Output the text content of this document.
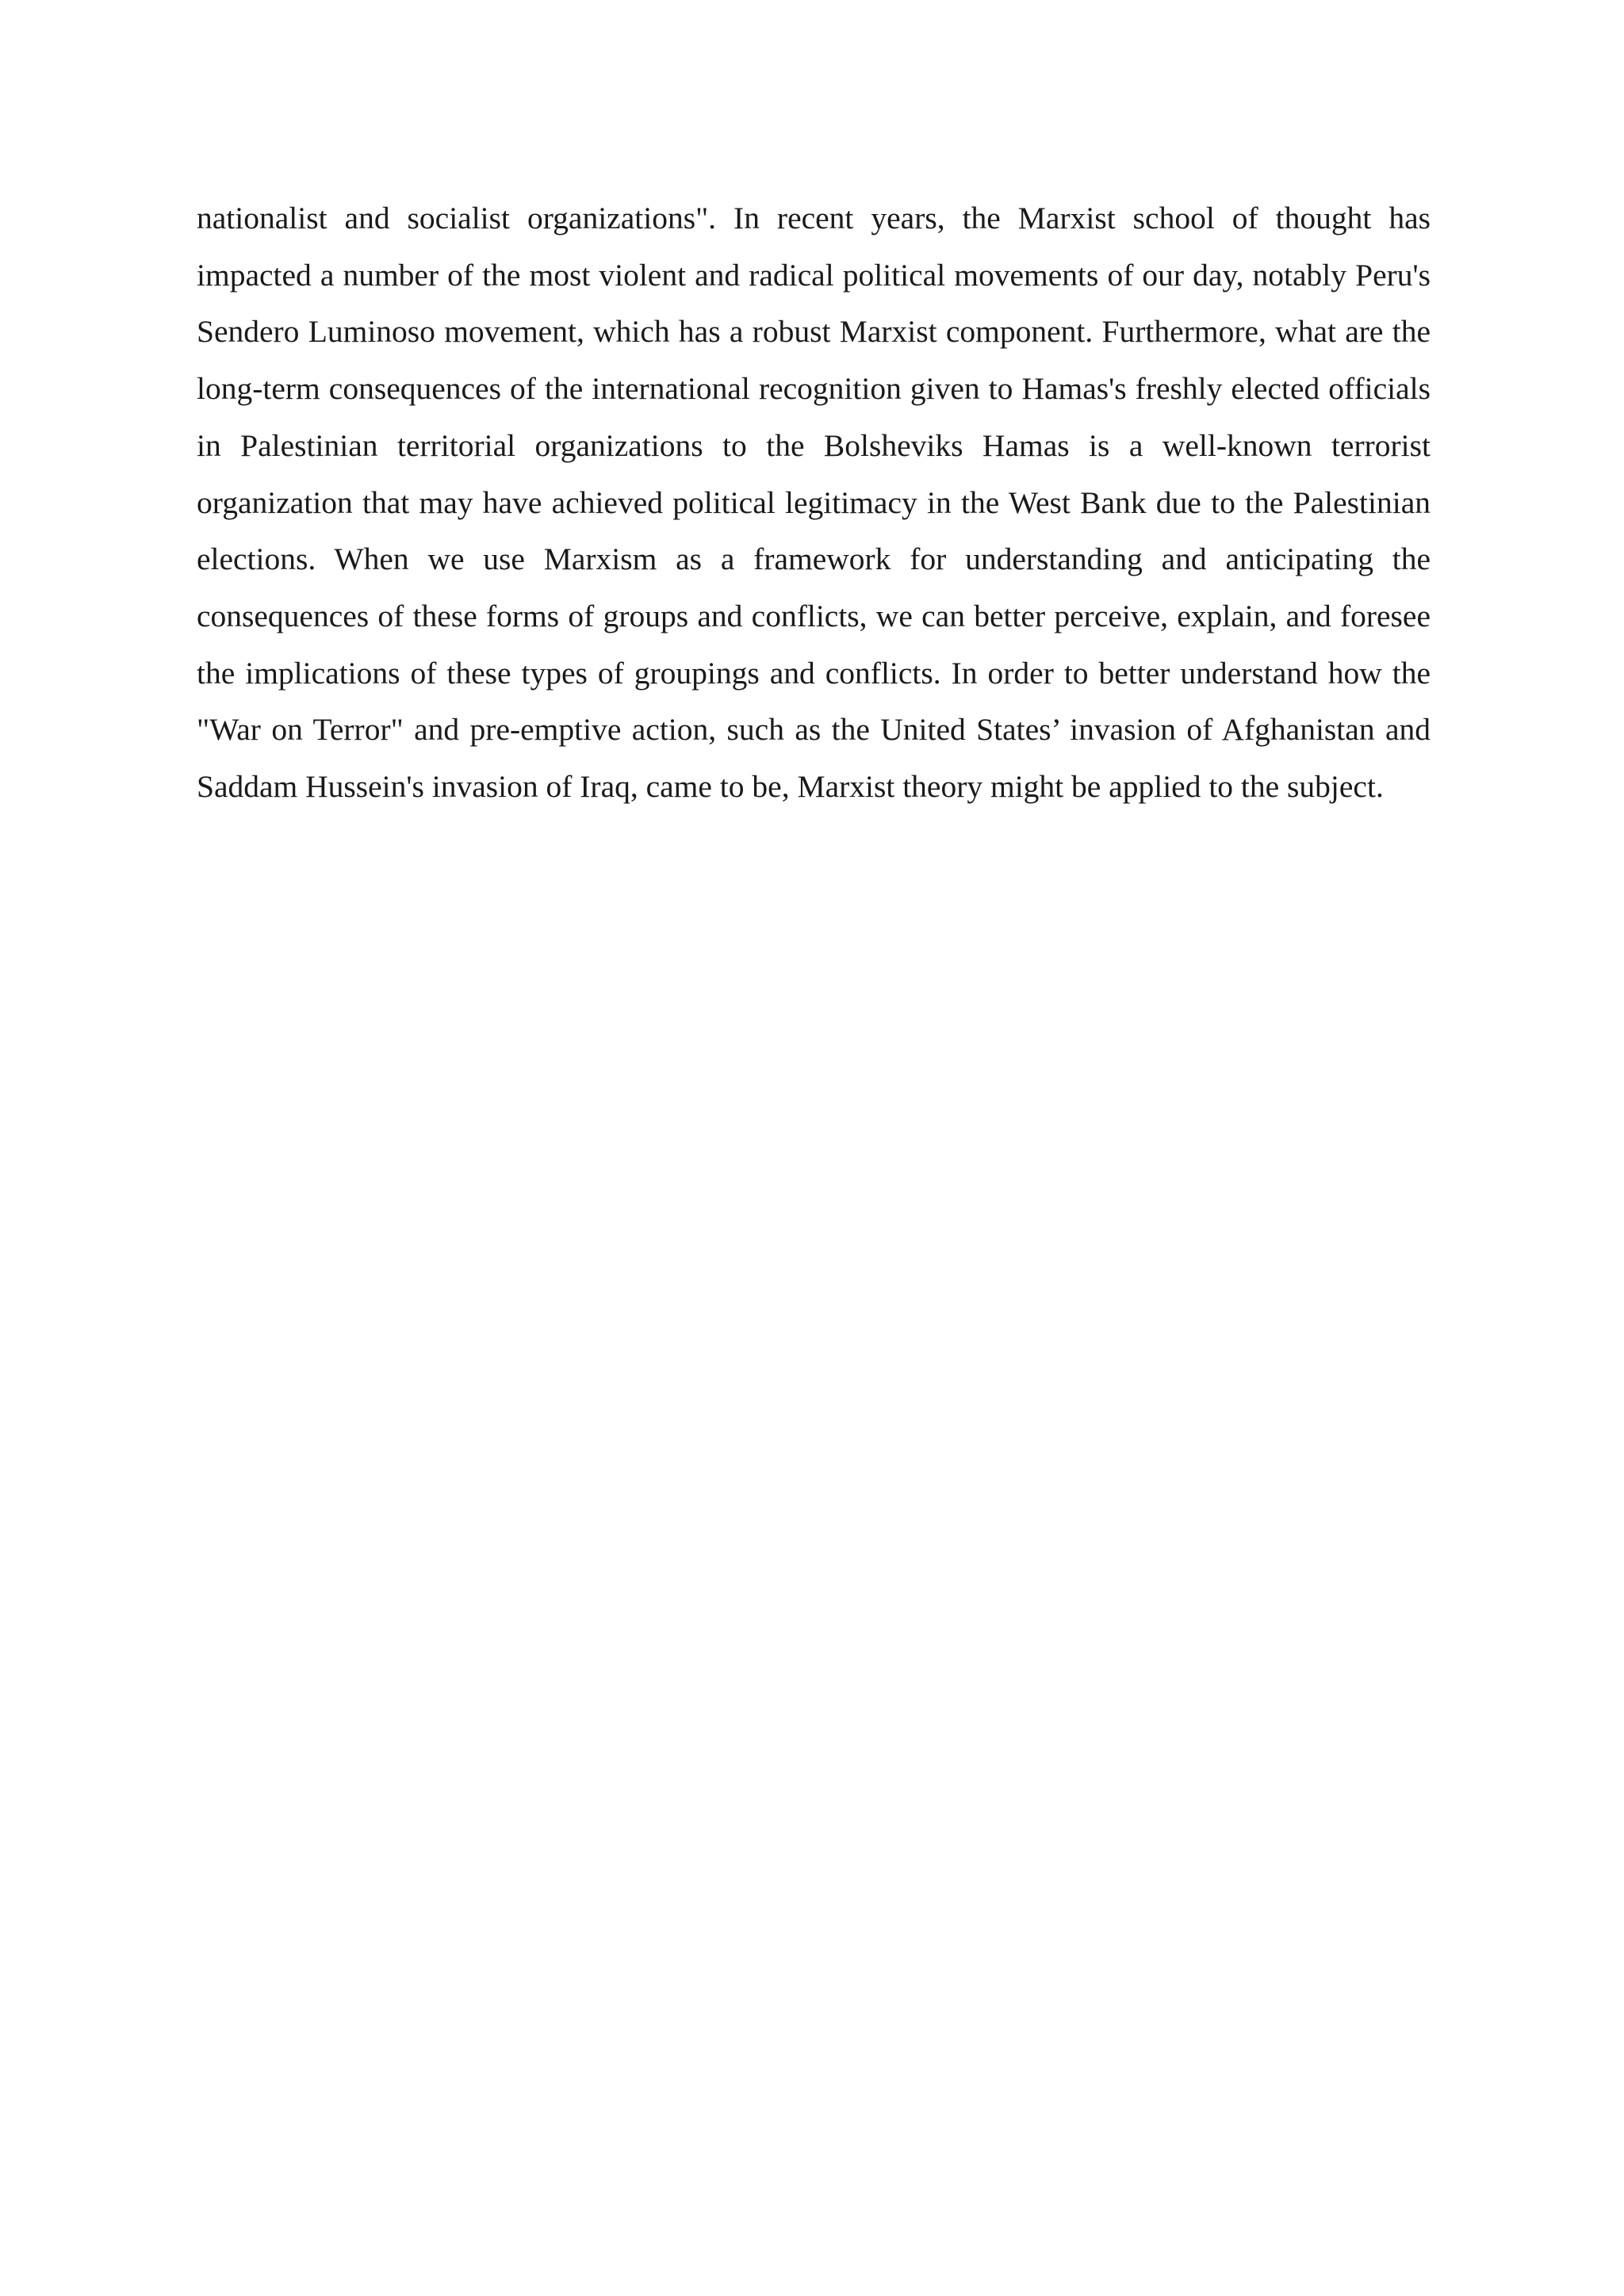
nationalist and socialist organizations". In recent years, the Marxist school of thought has impacted a number of the most violent and radical political movements of our day, notably Peru's Sendero Luminoso movement, which has a robust Marxist component. Furthermore, what are the long-term consequences of the international recognition given to Hamas's freshly elected officials in Palestinian territorial organizations to the Bolsheviks Hamas is a well-known terrorist organization that may have achieved political legitimacy in the West Bank due to the Palestinian elections. When we use Marxism as a framework for understanding and anticipating the consequences of these forms of groups and conflicts, we can better perceive, explain, and foresee the implications of these types of groupings and conflicts. In order to better understand how the "War on Terror" and pre-emptive action, such as the United States’ invasion of Afghanistan and Saddam Hussein's invasion of Iraq, came to be, Marxist theory might be applied to the subject.
